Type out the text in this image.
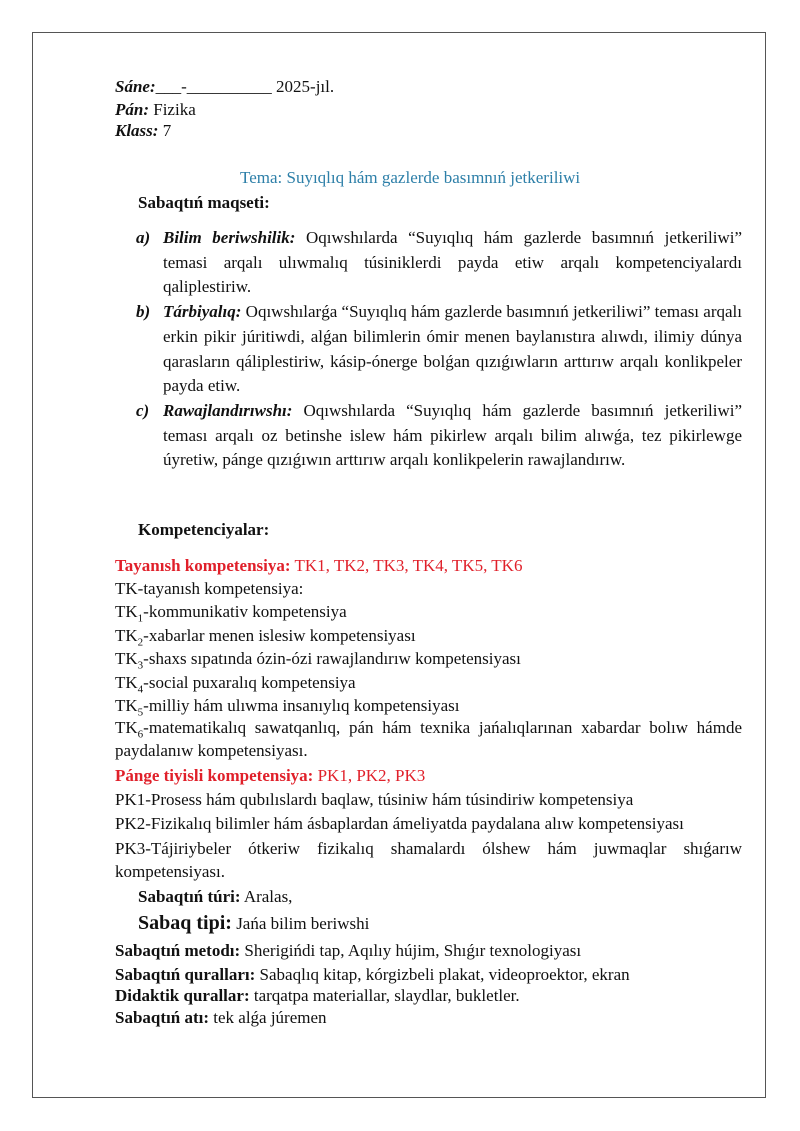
Sáne:___-__________ 2025-jıl.
Pán: Fizika
Klass: 7
Tema: Suyıqlıq hám gazlerde basımnıń jetkeriliwi
Sabaqtıń maqseti:
a) Bilim beriwshilik: Oqıwshılarda “Suyıqlıq hám gazlerde basımnıń jetkeriliwi” temasi arqalı ulıwmalıq túsiniklerdi payda etiw arqalı kompetenciyalardı qaliplestiriw.
b) Tárbiyalıq: Oqıwshılarǵa “Suyıqlıq hám gazlerde basımnıń jetkeriliwi” teması arqalı erkin pikir júritiwdi, alǵan bilimlerin ómir menen baylanıstıra alıwdı, ilimiy dúnya qarasların qáliplestiriw, kásip-ónerge bolǵan qızıǵıwların arttırıw arqalı konlikpeler payda etiw.
c) Rawajlandırıwshı: Oqıwshılarda “Suyıqlıq hám gazlerde basımnıń jetkeriliwi” teması arqalı oz betinshe islew hám pikirlew arqalı bilim alıwǵa, tez pikirlewge úyretiw, pánge qızıǵıwın arttırıw arqalı konlikpelerin rawajlandırıw.
Kompetenciyalar:
Tayanısh kompetensiya: TK1, TK2, TK3, TK4, TK5, TK6
TK-tayanısh kompetensiya:
$TK_1$-kommunikativ kompetensiya
$TK_2$-xabarlar menen islesiw kompetensiyası
$TK_3$-shaxs sıpatında ózin-ózi rawajlandırıw kompetensiyası
$TK_4$-social puxaralıq kompetensiya
$TK_5$-milliy hám ulıwma insanıylıq kompetensiyası
$TK_6$-matematikalıq sawatqanlıq, pán hám texnika jańalıqlarınan xabardar bolıw hámde paydalanıw kompetensiyası.
Pánge tiyisli kompetensiya: PK1, PK2, PK3
PK1-Prosess hám qubılıslardı baqlaw, túsiniw hám túsindiriw kompetensiya
PK2-Fizikalıq bilimler hám ásbaplardan ámeliyatda paydalana alıw kompetensiyası
PK3-Tájiriybeler ótkeriw fizikalıq shamalardı ólshew hám juwmaqlar shıǵarıw kompetensiyası.
Sabaqtıń túri: Aralas,
Sabaq tipi: Jańa bilim beriwshi
Sabaqtıń metodı: Sherigińdi tap, Aqılıy hújim, Shıǵır texnologiyası
Sabaqtıń quralları: Sabaqlıq kitap, kórgizbeli plakat, videoproektor, ekran
Didaktik qurallar: tarqatpa materiallar, slaydlar, bukletler.
Sabaqtıń atı: tek alǵa júremen
